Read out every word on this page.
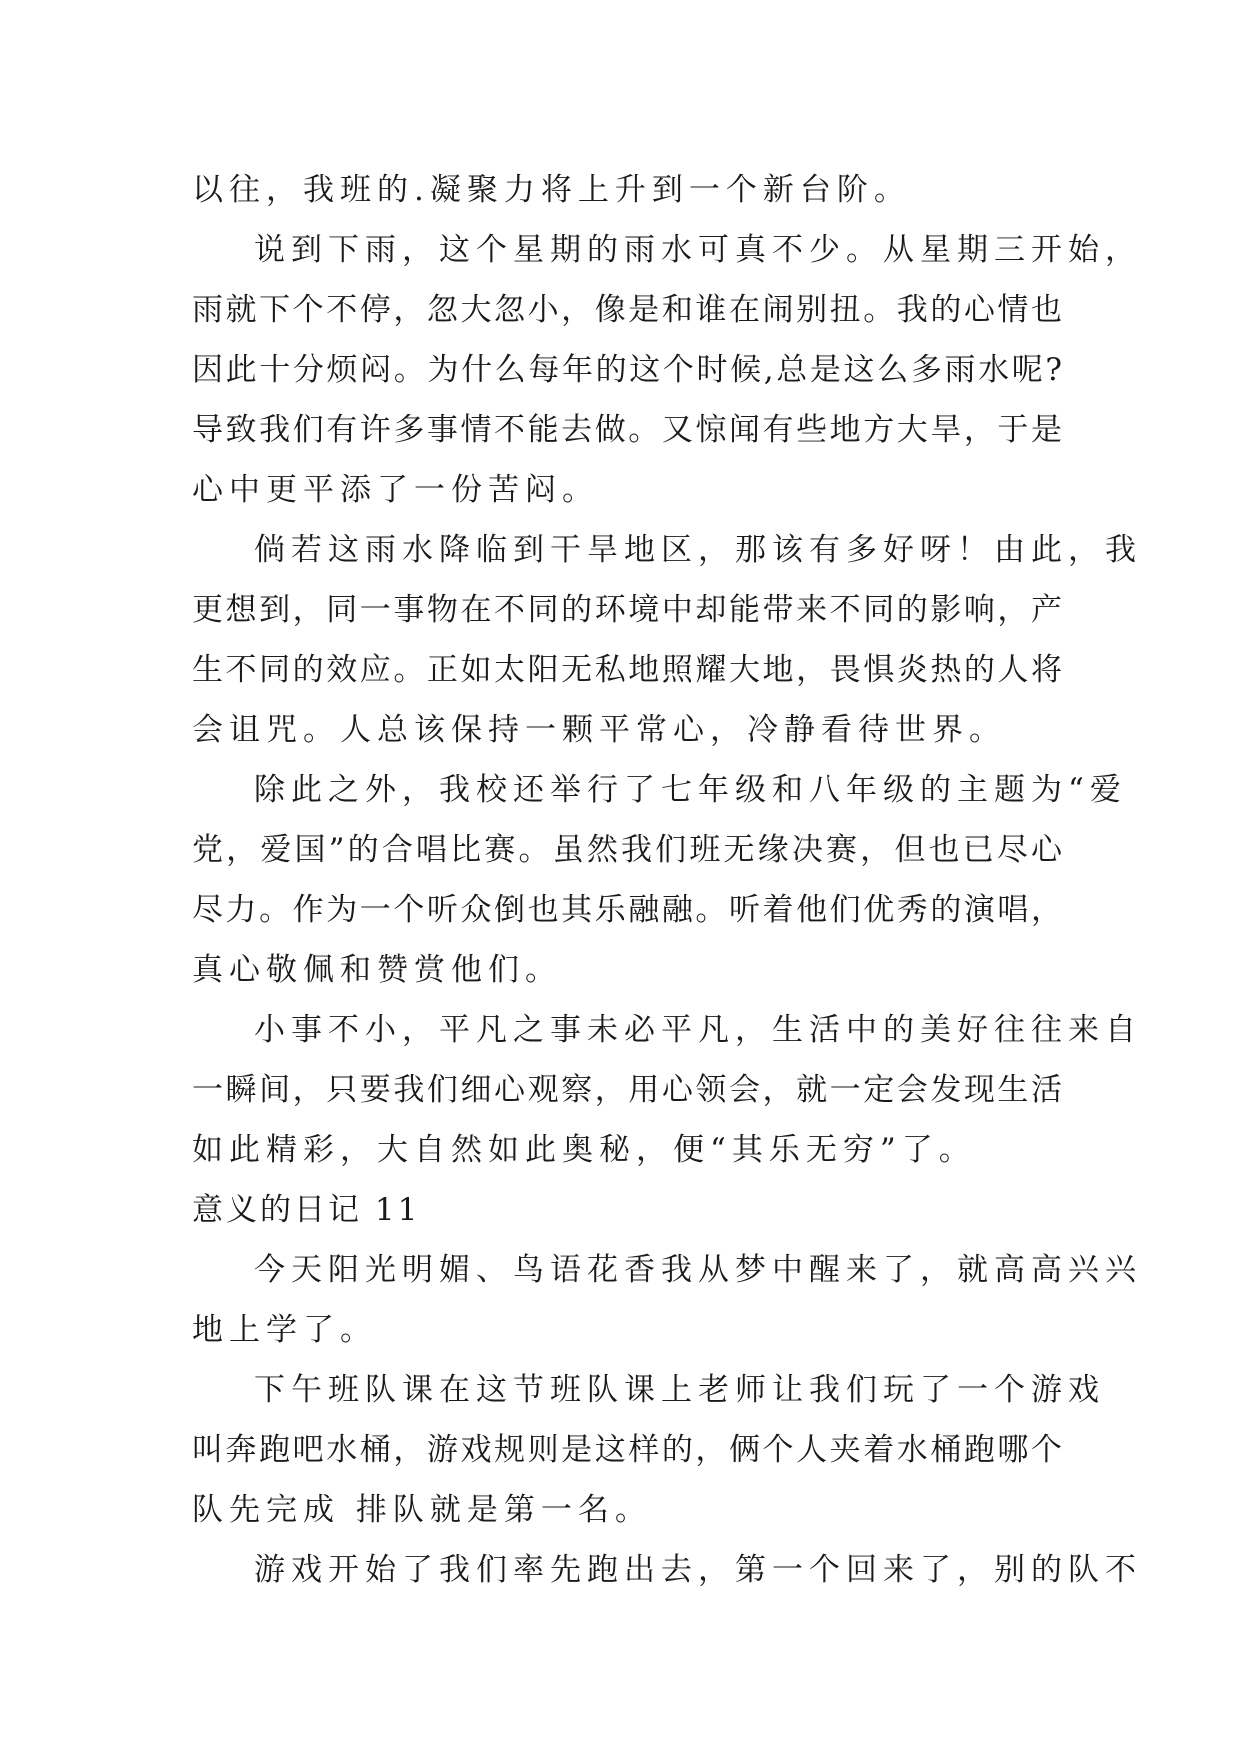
以往，我班的.凝聚力将上升到一个新台阶。
说到下雨，这个星期的雨水可真不少。从星期三开始，
雨就下个不停，忽大忽小，像是和谁在闹别扭。我的心情也
因此十分烦闷。为什么每年的这个时候,总是这么多雨水呢?
导致我们有许多事情不能去做。又惊闻有些地方大旱，于是
心中更平添了一份苦闷。
倘若这雨水降临到干旱地区，那该有多好呀！由此，我
更想到，同一事物在不同的环境中却能带来不同的影响，产
生不同的效应。正如太阳无私地照耀大地，畏惧炎热的人将
会诅咒。人总该保持一颗平常心，冷静看待世界。
除此之外，我校还举行了七年级和八年级的主题为“爱
党，爱国”的合唱比赛。虽然我们班无缘决赛，但也已尽心
尽力。作为一个听众倒也其乐融融。听着他们优秀的演唱，
真心敬佩和赞赏他们。
小事不小，平凡之事未必平凡，生活中的美好往往来自
一瞬间，只要我们细心观察，用心领会，就一定会发现生活
如此精彩，大自然如此奥秘，便“其乐无穷”了。
意义的日记 11
今天阳光明媚、鸟语花香我从梦中醒来了，就高高兴兴
地上学了。
下午班队课在这节班队课上老师让我们玩了一个游戏
叫奔跑吧水桶，游戏规则是这样的，俩个人夹着水桶跑哪个
队先完成 排队就是第一名。
游戏开始了我们率先跑出去，第一个回来了，别的队不
